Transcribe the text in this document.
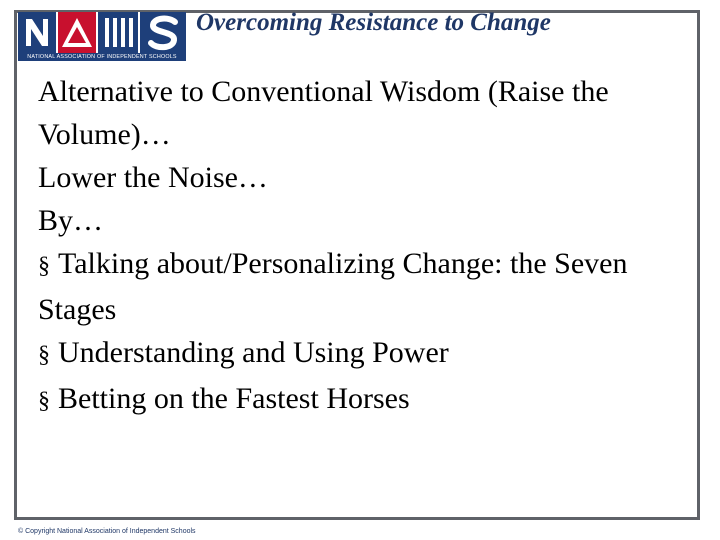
NATIONAL ASSOCIATION OF INDEPENDENT SCHOOLS
Overcoming Resistance to Change

Alternative to Conventional Wisdom (Raise the Volume)…

Lower the Noise…

By…

§ Talking about/Personalizing Change: the Seven Stages

§ Understanding and Using Power

§ Betting on the Fastest Horses

© Copyright National Association of Independent Schools
